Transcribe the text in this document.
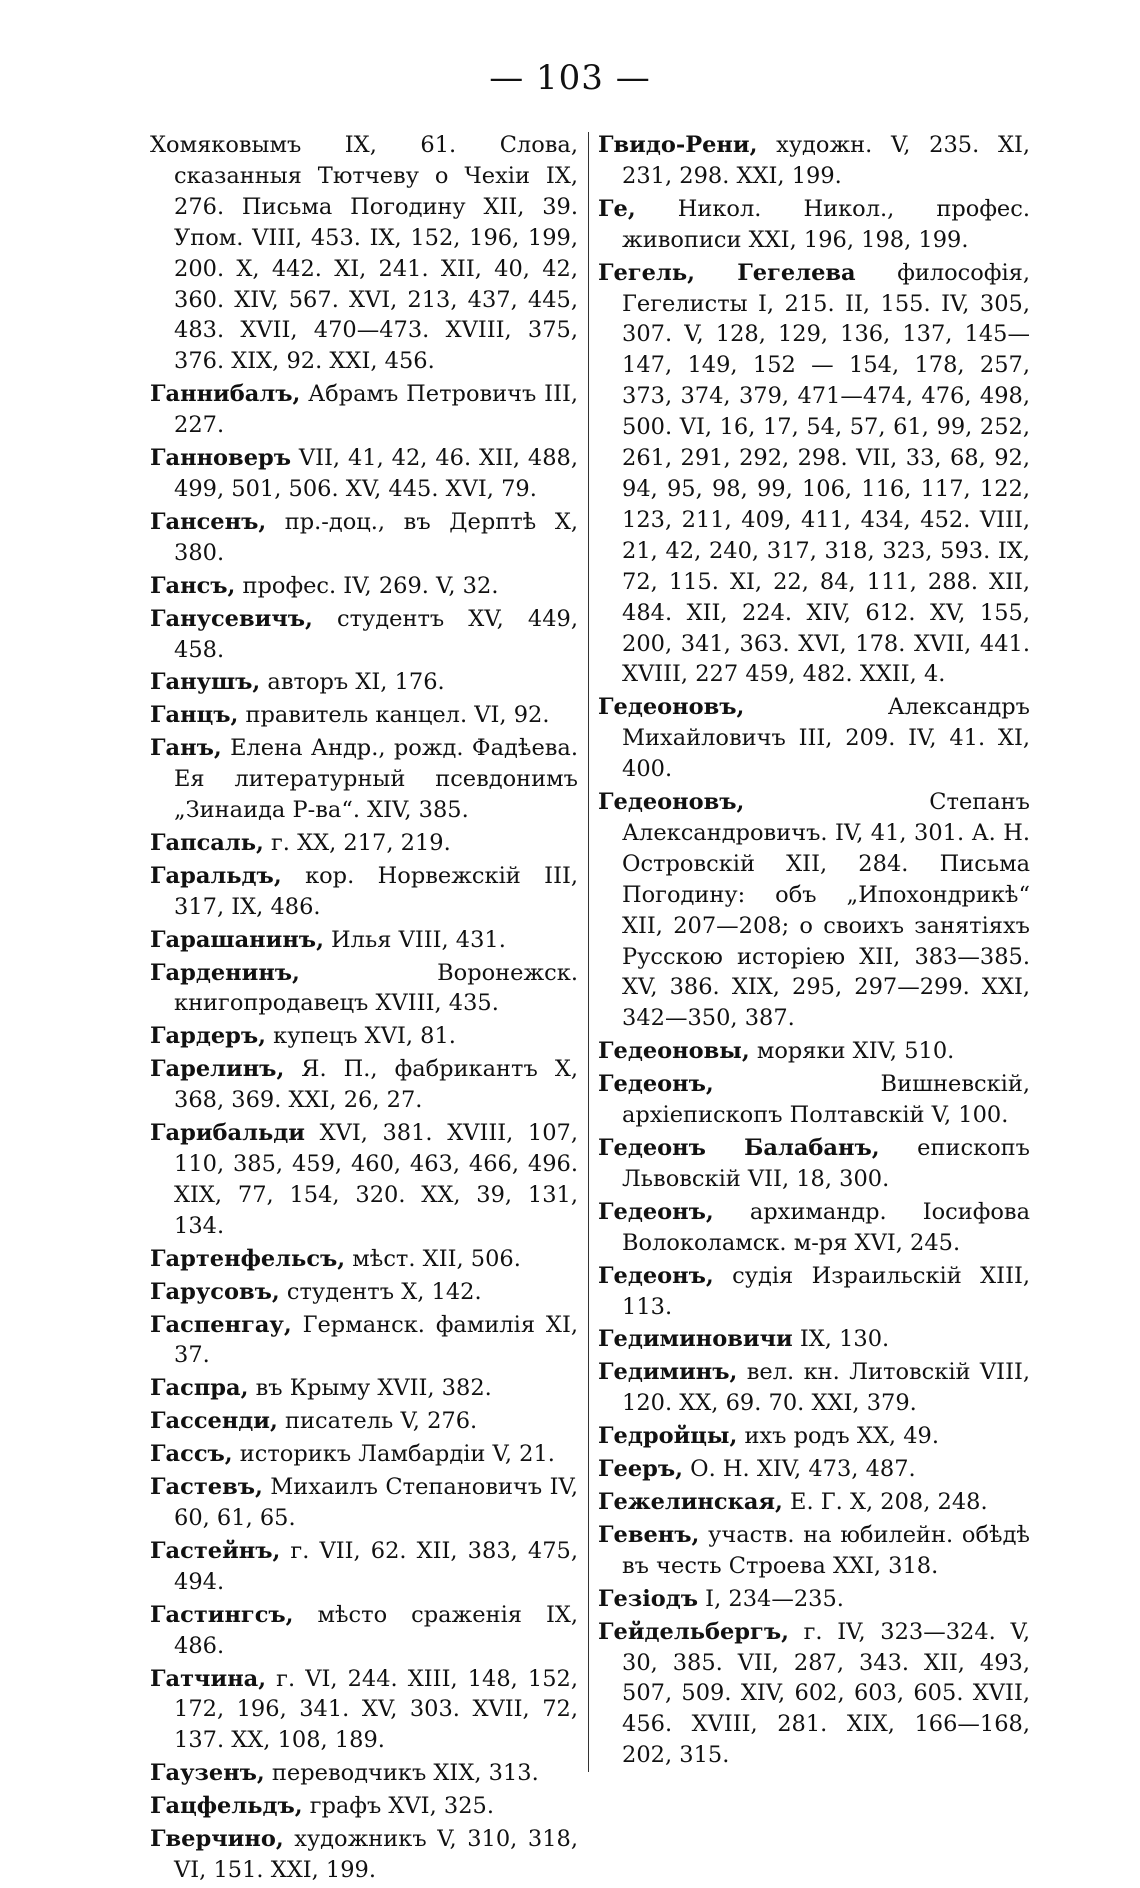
— 103 —

Хомяковымъ IX, 61. Слова, сказанныя Тютчеву о Чехіи IX, 276. Письма Погодину XII, 39. Упом. VIII, 453. IX, 152, 196, 199, 200. X, 442. XI, 241. XII, 40, 42, 360. XIV, 567. XVI, 213, 437, 445, 483. XVII, 470—473. XVIII, 375, 376. XIX, 92. XXI, 456.

Ганнибалъ, Абрамъ Петровичъ III, 227.

Ганноверъ VII, 41, 42, 46. XII, 488, 499, 501, 506. XV, 445. XVI, 79.

Гансенъ, пр.-доц., въ Дерптѣ X, 380.

Гансъ, профес. IV, 269. V, 32.

Ганусевичъ, студентъ XV, 449, 458.

Ганушъ, авторъ XI, 176.

Ганцъ, правитель канцел. VI, 92.

Ганъ, Елена Андр., рожд. Фадѣева. Ея литературный псевдонимъ „Зинаида Р-ва“. XIV, 385.

Гапсаль, г. XX, 217, 219.

Гаральдъ, кор. Норвежскій III, 317, IX, 486.

Гарашанинъ, Илья VIII, 431.

Гарденинъ, Воронежск. книгопродавецъ XVIII, 435.

Гардеръ, купецъ XVI, 81.

Гарелинъ, Я. П., фабрикантъ X, 368, 369. XXI, 26, 27.

Гарибальди XVI, 381. XVIII, 107, 110, 385, 459, 460, 463, 466, 496. XIX, 77, 154, 320. XX, 39, 131, 134.

Гартенфельсъ, мѣст. XII, 506.

Гарусовъ, студентъ X, 142.

Гаспенгау, Германск. фамилія XI, 37.

Гаспра, въ Крыму XVII, 382.

Гассенди, писатель V, 276.

Гассъ, историкъ Ламбардіи V, 21.

Гастевъ, Михаилъ Степановичъ IV, 60, 61, 65.

Гастейнъ, г. VII, 62. XII, 383, 475, 494.

Гастингсъ, мѣсто сраженія IX, 486.

Гатчина, г. VI, 244. XIII, 148, 152, 172, 196, 341. XV, 303. XVII, 72, 137. XX, 108, 189.

Гаузенъ, переводчикъ XIX, 313.

Гацфельдъ, графъ XVI, 325.

Гверчино, художникъ V, 310, 318, VI, 151. XXI, 199.

Гвидо-Рени, художн. V, 235. XI, 231, 298. XXI, 199.

Ге, Никол. Никол., профес. живописи XXI, 196, 198, 199.

Гегель, Гегелева философія, Гегелисты I, 215. II, 155. IV, 305, 307. V, 128, 129, 136, 137, 145—147, 149, 152 — 154, 178, 257, 373, 374, 379, 471—474, 476, 498, 500. VI, 16, 17, 54, 57, 61, 99, 252, 261, 291, 292, 298. VII, 33, 68, 92, 94, 95, 98, 99, 106, 116, 117, 122, 123, 211, 409, 411, 434, 452. VIII, 21, 42, 240, 317, 318, 323, 593. IX, 72, 115. XI, 22, 84, 111, 288. XII, 484. XII, 224. XIV, 612. XV, 155, 200, 341, 363. XVI, 178. XVII, 441. XVIII, 227 459, 482. XXII, 4.

Гедеоновъ, Александръ Михайловичъ III, 209. IV, 41. XI, 400.

Гедеоновъ, Степанъ Александровичъ. IV, 41, 301. А. Н. Островскій XII, 284. Письма Погодину: объ „Ипохондрикѣ“ XII, 207—208; о своихъ занятіяхъ Русскою исторіею XII, 383—385. XV, 386. XIX, 295, 297—299. XXI, 342—350, 387.

Гедеоновы, моряки XIV, 510.

Гедеонъ, Вишневскій, архіепископъ Полтавскій V, 100.

Гедеонъ Балабанъ, епископъ Львовскій VII, 18, 300.

Гедеонъ, архимандр. Іосифова Волоколамск. м-ря XVI, 245.

Гедеонъ, судія Израильскій XIII, 113.

Гедиминовичи IX, 130.

Гедиминъ, вел. кн. Литовскій VIII, 120. XX, 69. 70. XXI, 379.

Гедройцы, ихъ родъ XX, 49.

Гееръ, О. Н. XIV, 473, 487.

Гежелинская, Е. Г. X, 208, 248.

Гевенъ, участв. на юбилейн. обѣдѣ въ честь Строева XXI, 318.

Гезіодъ I, 234—235.

Гейдельбергъ, г. IV, 323—324. V, 30, 385. VII, 287, 343. XII, 493, 507, 509. XIV, 602, 603, 605. XVII, 456. XVIII, 281. XIX, 166—168, 202, 315.
